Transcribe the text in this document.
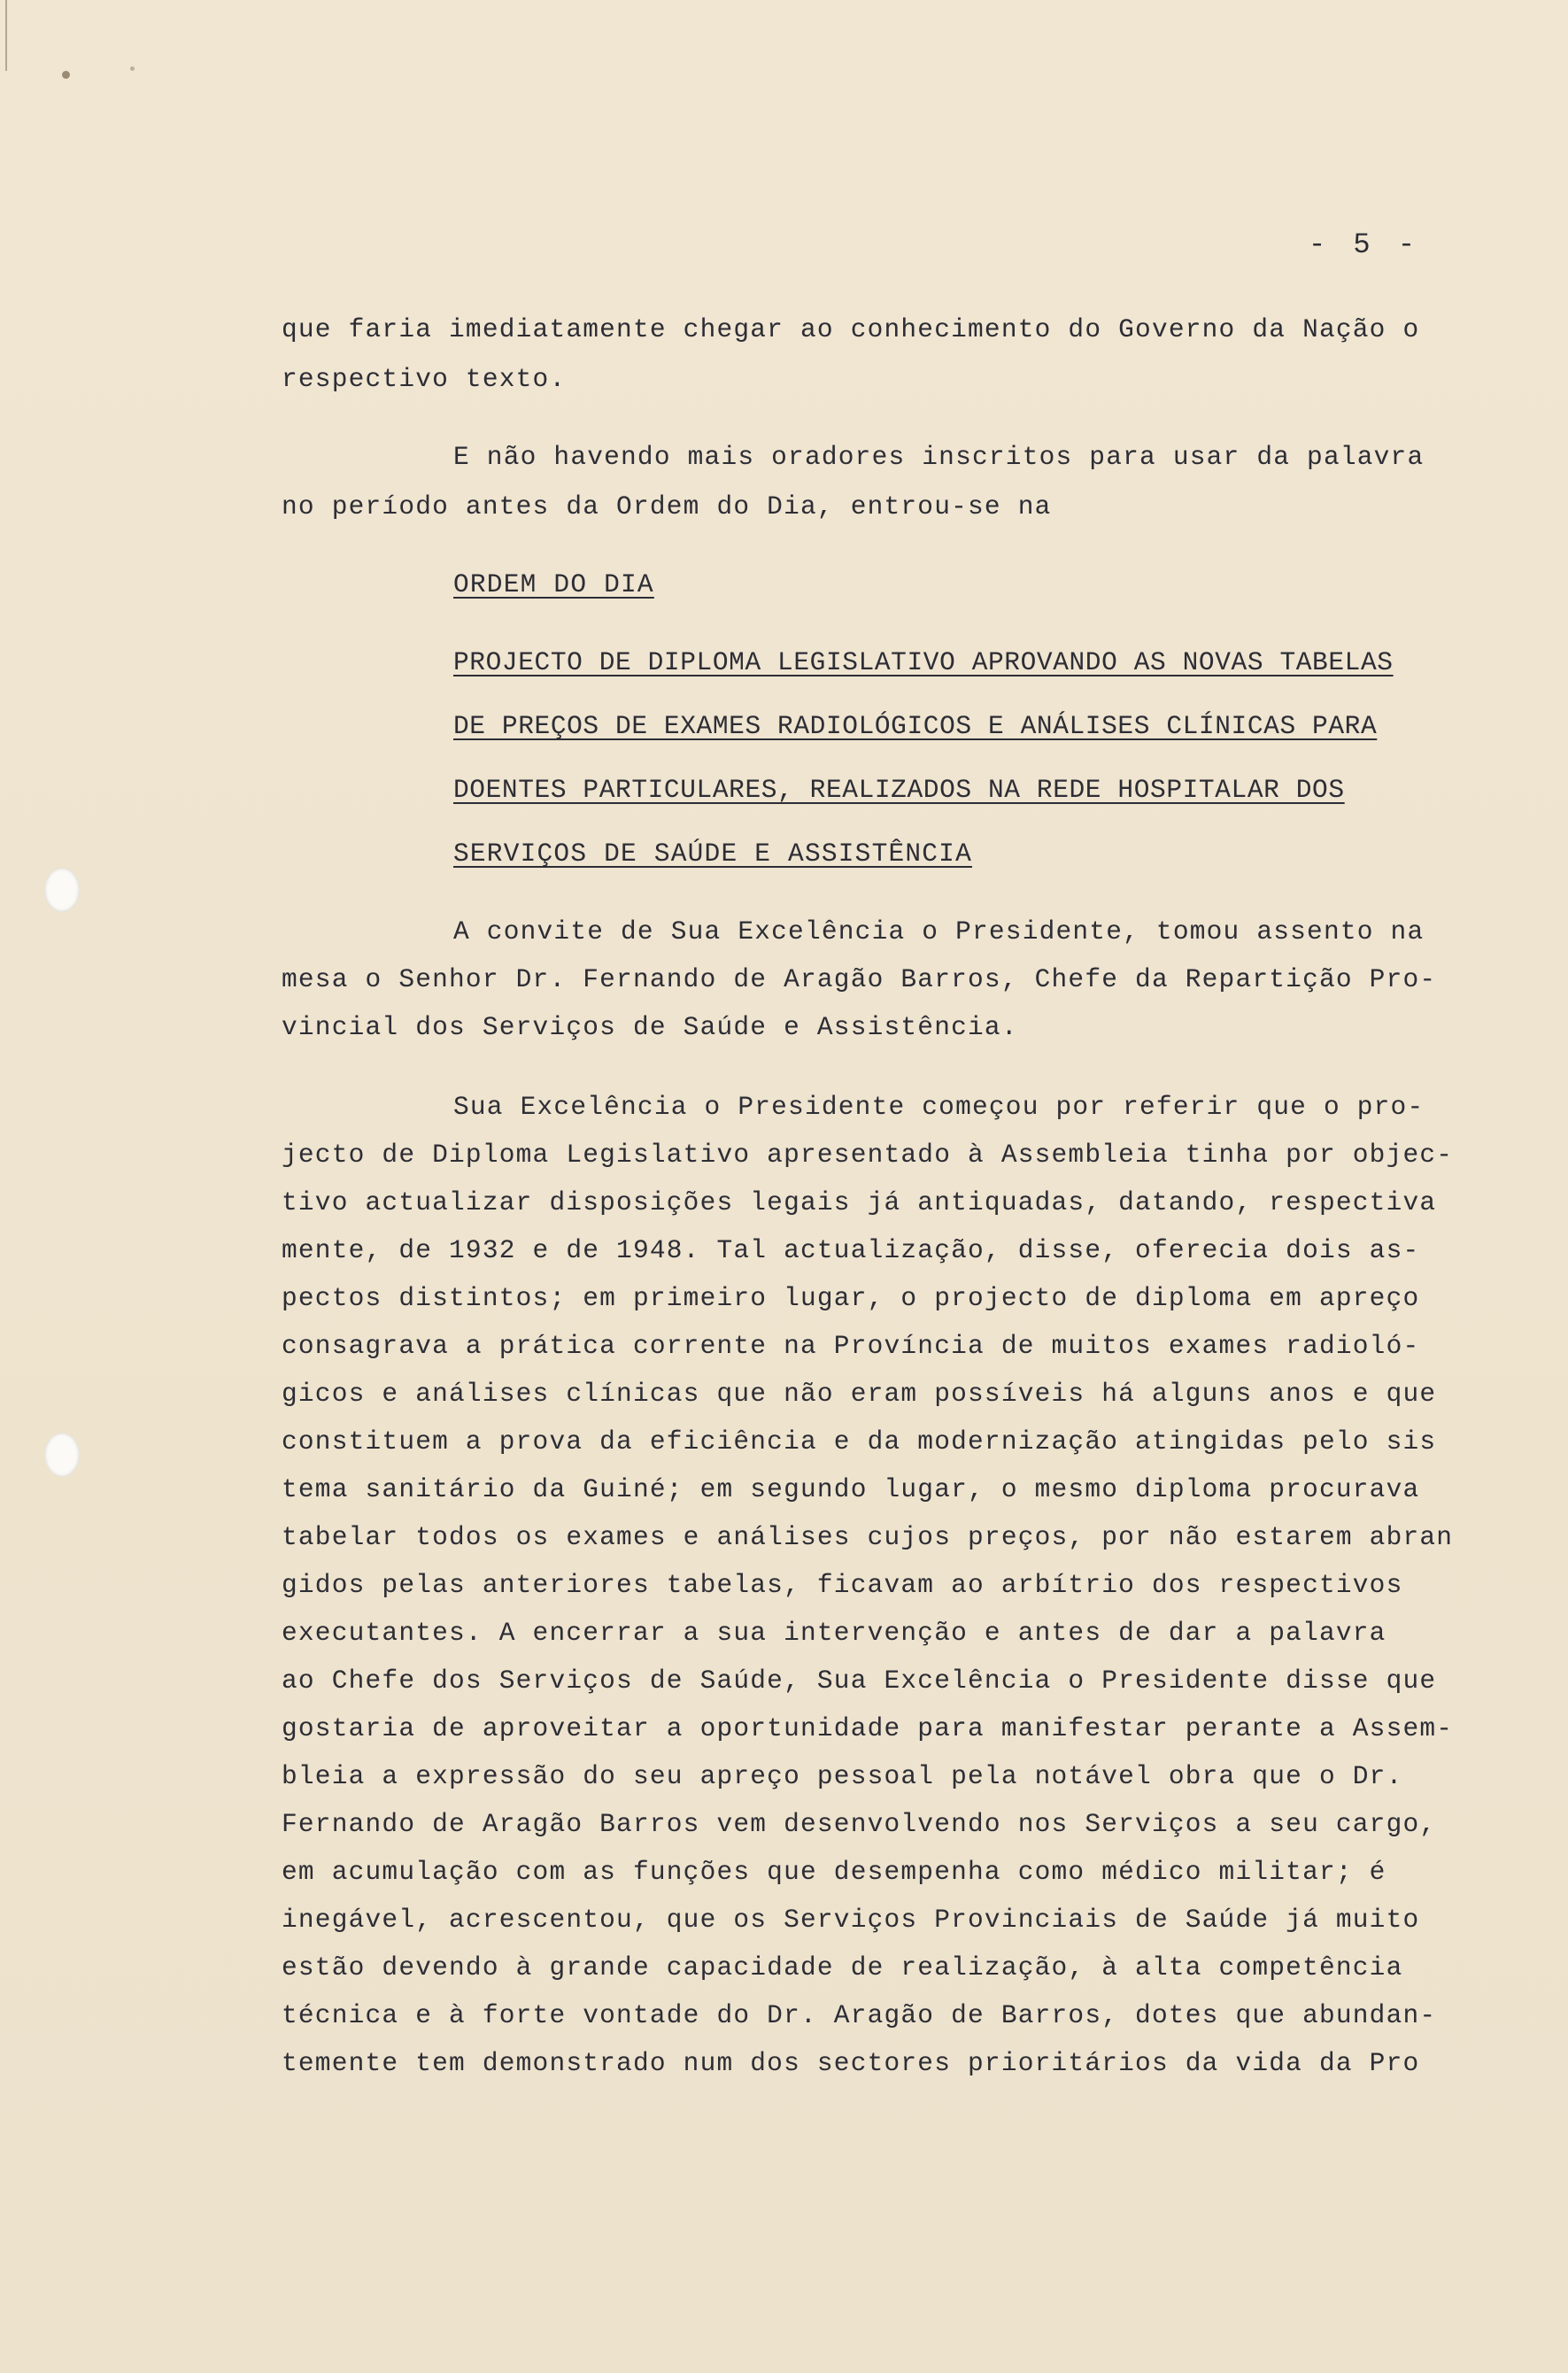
- 5 -
que faria imediatamente chegar ao conhecimento do Governo da Nação o
respectivo texto.
E não havendo mais oradores inscritos para usar da palavra
no período antes da Ordem do Dia, entrou-se na
ORDEM DO DIA
PROJECTO DE DIPLOMA LEGISLATIVO APROVANDO AS NOVAS TABELAS
DE PREÇOS DE EXAMES RADIOLÓGICOS E ANÁLISES CLÍNICAS PARA
DOENTES PARTICULARES, REALIZADOS NA REDE HOSPITALAR DOS
SERVIÇOS DE SAÚDE E ASSISTÊNCIA
A convite de Sua Excelência o Presidente, tomou assento na
mesa o Senhor Dr. Fernando de Aragão Barros, Chefe da Repartição Pro-
vincial dos Serviços de Saúde e Assistência.
Sua Excelência o Presidente começou por referir que o pro-
jecto de Diploma Legislativo apresentado à Assembleia tinha por objec-
tivo actualizar disposições legais já antiquadas, datando, respectiva
mente, de 1932 e de 1948. Tal actualização, disse, oferecia dois as-
pectos distintos; em primeiro lugar, o projecto de diploma em apreço
consagrava a prática corrente na Província de muitos exames radioló-
gicos e análises clínicas que não eram possíveis há alguns anos e que
constituem a prova da eficiência e da modernização atingidas pelo sis
tema sanitário da Guiné; em segundo lugar, o mesmo diploma procurava
tabelar todos os exames e análises cujos preços, por não estarem abran
gidos pelas anteriores tabelas, ficavam ao arbítrio dos respectivos
executantes. A encerrar a sua intervenção e antes de dar a palavra
ao Chefe dos Serviços de Saúde, Sua Excelência o Presidente disse que
gostaria de aproveitar a oportunidade para manifestar perante a Assem-
bleia a expressão do seu apreço pessoal pela notável obra que o Dr.
Fernando de Aragão Barros vem desenvolvendo nos Serviços a seu cargo,
em acumulação com as funções que desempenha como médico militar; é
inegável, acrescentou, que os Serviços Provinciais de Saúde já muito
estão devendo à grande capacidade de realização, à alta competência
técnica e à forte vontade do Dr. Aragão de Barros, dotes que abundan-
temente tem demonstrado num dos sectores prioritários da vida da Pro
